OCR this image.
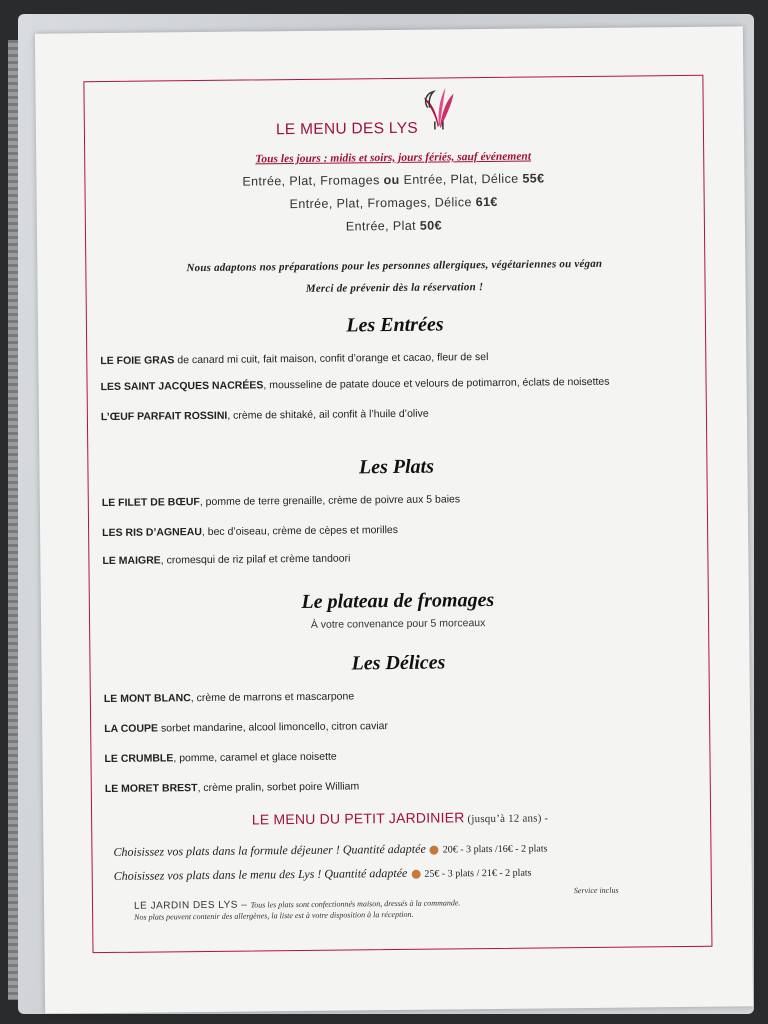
LE MENU DES LYS
Tous les jours : midis et soirs, jours fériés, sauf événement
Entrée, Plat, Fromages ou Entrée, Plat, Délice 55€
Entrée, Plat, Fromages, Délice 61€
Entrée, Plat 50€
Nous adaptons nos préparations pour les personnes allergiques, végétariennes ou végan
Merci de prévenir dès la réservation !
Les Entrées
LE FOIE GRAS de canard mi cuit, fait maison, confit d’orange et cacao, fleur de sel
LES SAINT JACQUES NACRÉES, mousseline de patate douce et velours de potimarron, éclats de noisettes
L’ŒUF PARFAIT ROSSINI, crème de shitaké, ail confit à l’huile d’olive
Les Plats
LE FILET DE BŒUF, pomme de terre grenaille, crème de poivre aux 5 baies
LES RIS D’AGNEAU, bec d’oiseau, crème de cèpes et morilles
LE MAIGRE, cromesqui de riz pilaf et crème tandoori
Le plateau de fromages
À votre convenance pour 5 morceaux
Les Délices
LE MONT BLANC, crème de marrons et mascarpone
LA COUPE sorbet mandarine, alcool limoncello, citron caviar
LE CRUMBLE, pomme, caramel et glace noisette
LE MORET BREST, crème pralin, sorbet poire William
LE MENU DU PETIT JARDINIER (jusqu’à 12 ans) -
Choisissez vos plats dans la formule déjeuner ! Quantité adaptée 20€ - 3 plats /16€ - 2 plats
Choisissez vos plats dans le menu des Lys ! Quantité adaptée 25€ - 3 plats / 21€ - 2 plats
Service inclus
LE JARDIN DES LYS – Tous les plats sont confectionnés maison, dressés à la commande.
Nos plats peuvent contenir des allergènes, la liste est à votre disposition à la réception.
